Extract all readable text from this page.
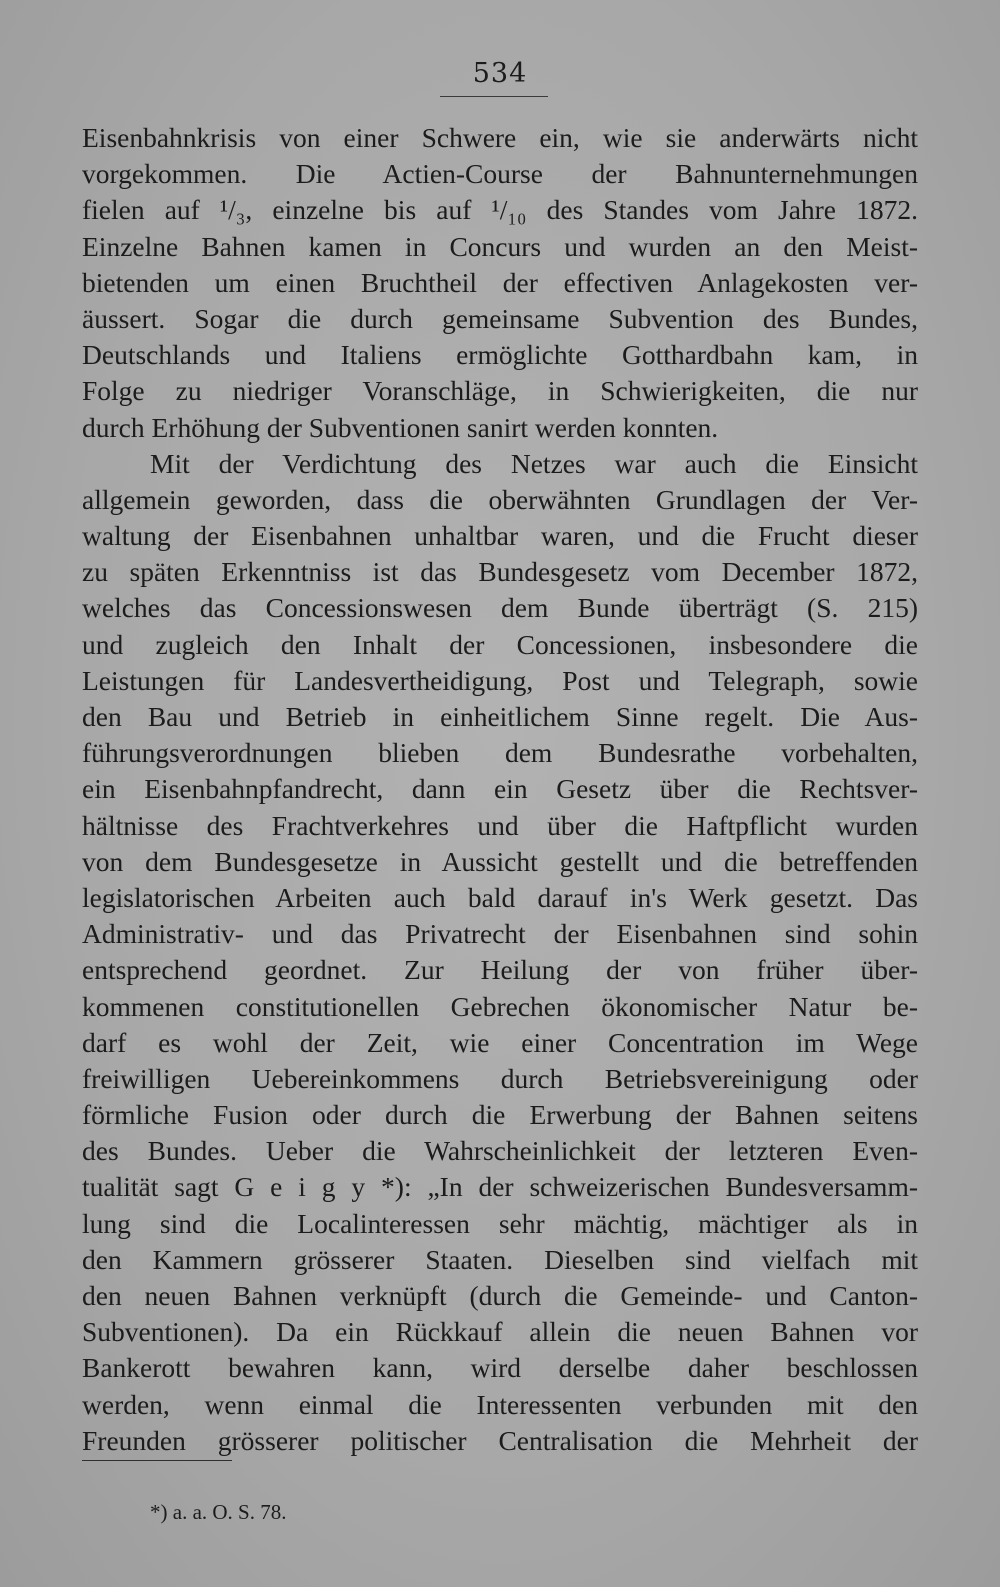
534
Eisenbahnkrisis von einer Schwere ein, wie sie anderwärts nicht
vorgekommen. Die Actien-Course der Bahnunternehmungen
fielen auf ¹/₃, einzelne bis auf ¹/₁₀ des Standes vom Jahre 1872.
Einzelne Bahnen kamen in Concurs und wurden an den Meist-
bietenden um einen Bruchtheil der effectiven Anlagekosten ver-
äussert. Sogar die durch gemeinsame Subvention des Bundes,
Deutschlands und Italiens ermöglichte Gotthardbahn kam, in
Folge zu niedriger Voranschläge, in Schwierigkeiten, die nur
durch Erhöhung der Subventionen sanirt werden konnten.
Mit der Verdichtung des Netzes war auch die Einsicht
allgemein geworden, dass die oberwähnten Grundlagen der Ver-
waltung der Eisenbahnen unhaltbar waren, und die Frucht dieser
zu späten Erkenntniss ist das Bundesgesetz vom December 1872,
welches das Concessionswesen dem Bunde überträgt (S. 215)
und zugleich den Inhalt der Concessionen, insbesondere die
Leistungen für Landesvertheidigung, Post und Telegraph, sowie
den Bau und Betrieb in einheitlichem Sinne regelt. Die Aus-
führungsverordnungen blieben dem Bundesrathe vorbehalten,
ein Eisenbahnpfandrecht, dann ein Gesetz über die Rechtsver-
hältnisse des Frachtverkehres und über die Haftpflicht wurden
von dem Bundesgesetze in Aussicht gestellt und die betreffenden
legislatorischen Arbeiten auch bald darauf in's Werk gesetzt. Das
Administrativ- und das Privatrecht der Eisenbahnen sind sohin
entsprechend geordnet. Zur Heilung der von früher über-
kommenen constitutionellen Gebrechen ökonomischer Natur be-
darf es wohl der Zeit, wie einer Concentration im Wege
freiwilligen Uebereinkommens durch Betriebsvereinigung oder
förmliche Fusion oder durch die Erwerbung der Bahnen seitens
des Bundes. Ueber die Wahrscheinlichkeit der letzteren Even-
tualität sagt G e i g y *): „In der schweizerischen Bundesversamm-
lung sind die Localinteressen sehr mächtig, mächtiger als in
den Kammern grösserer Staaten. Dieselben sind vielfach mit
den neuen Bahnen verknüpft (durch die Gemeinde- und Canton-
Subventionen). Da ein Rückkauf allein die neuen Bahnen vor
Bankerott bewahren kann, wird derselbe daher beschlossen
werden, wenn einmal die Interessenten verbunden mit den
Freunden grösserer politischer Centralisation die Mehrheit der
*) a. a. O. S. 78.
